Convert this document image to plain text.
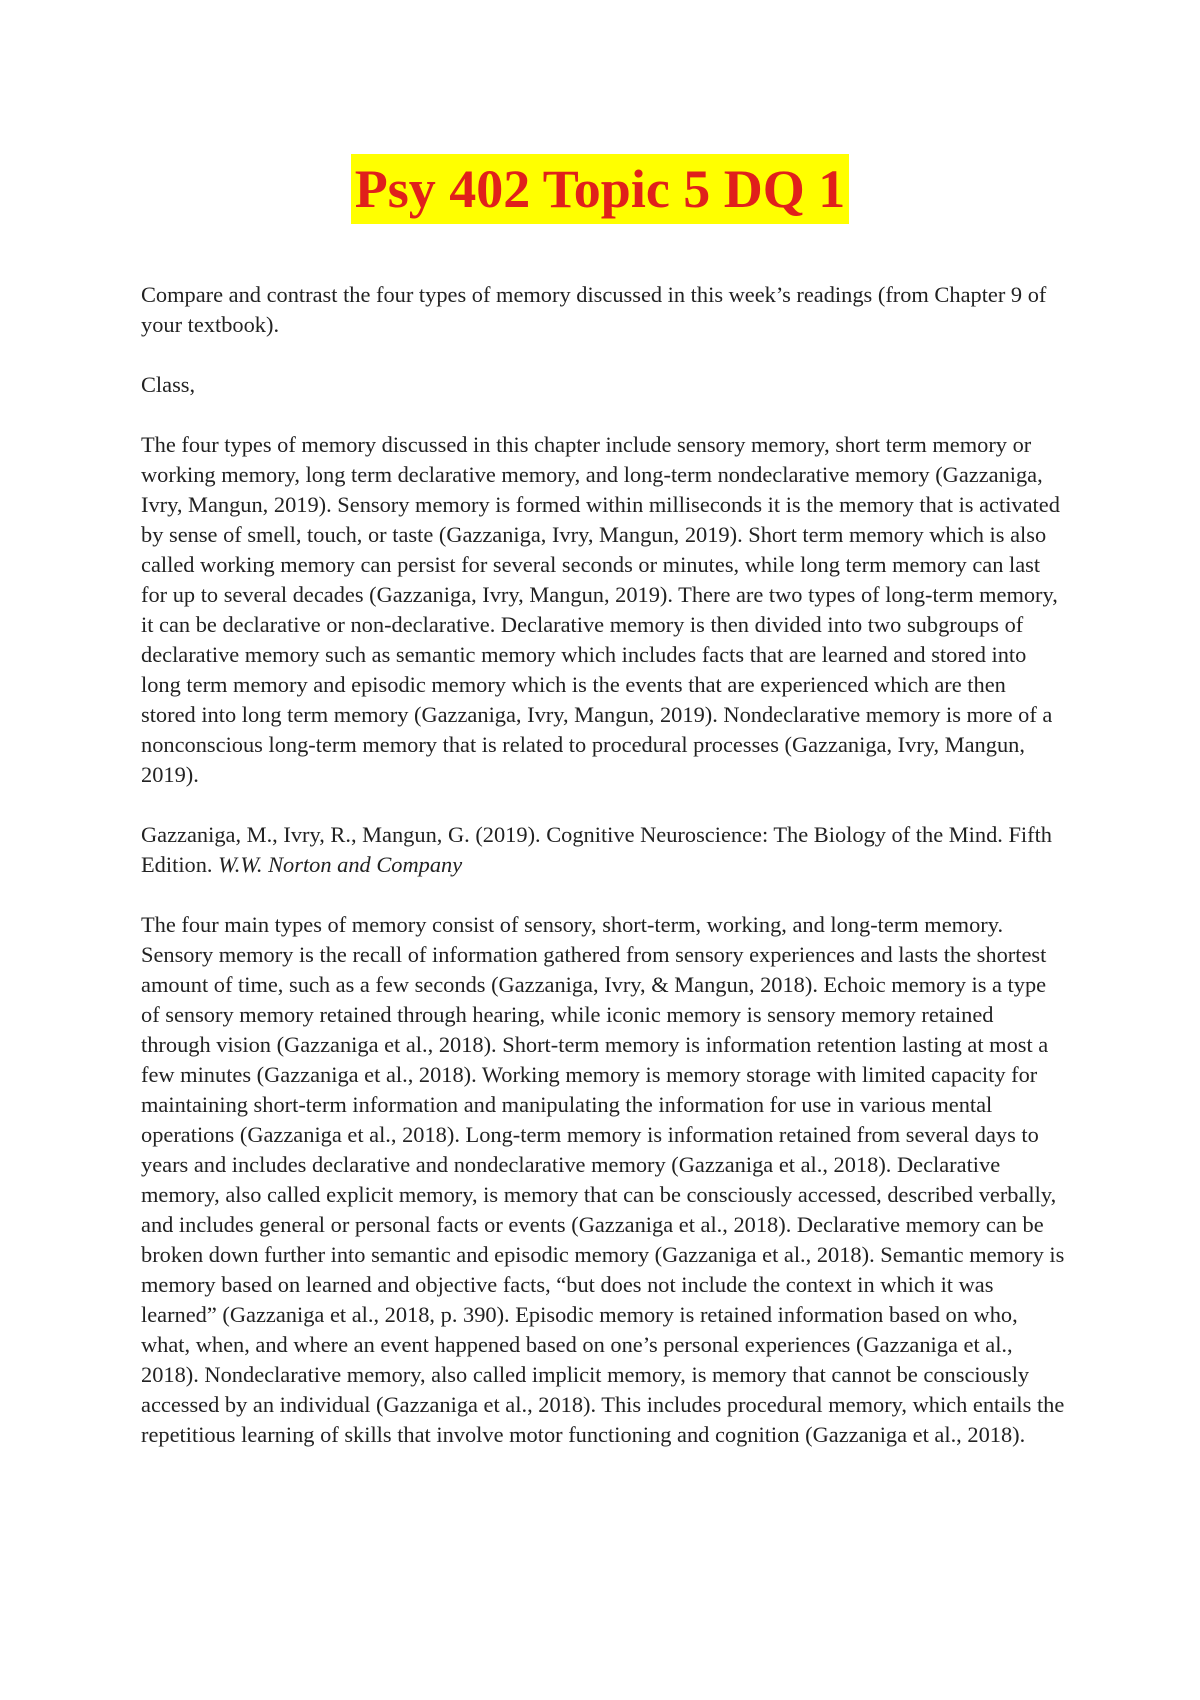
Psy 402 Topic 5 DQ 1

Compare and contrast the four types of memory discussed in this week’s readings (from Chapter 9 of your textbook).

Class,

The four types of memory discussed in this chapter include sensory memory, short term memory or working memory, long term declarative memory, and long-term nondeclarative memory (Gazzaniga, Ivry, Mangun, 2019). Sensory memory is formed within milliseconds it is the memory that is activated by sense of smell, touch, or taste (Gazzaniga, Ivry, Mangun, 2019). Short term memory which is also called working memory can persist for several seconds or minutes, while long term memory can last for up to several decades (Gazzaniga, Ivry, Mangun, 2019). There are two types of long-term memory, it can be declarative or non-declarative. Declarative memory is then divided into two subgroups of declarative memory such as semantic memory which includes facts that are learned and stored into long term memory and episodic memory which is the events that are experienced which are then stored into long term memory (Gazzaniga, Ivry, Mangun, 2019). Nondeclarative memory is more of a nonconscious long-term memory that is related to procedural processes (Gazzaniga, Ivry, Mangun, 2019).

Gazzaniga, M., Ivry, R., Mangun, G. (2019). Cognitive Neuroscience: The Biology of the Mind. Fifth Edition. W.W. Norton and Company

The four main types of memory consist of sensory, short-term, working, and long-term memory. Sensory memory is the recall of information gathered from sensory experiences and lasts the shortest amount of time, such as a few seconds (Gazzaniga, Ivry, & Mangun, 2018). Echoic memory is a type of sensory memory retained through hearing, while iconic memory is sensory memory retained through vision (Gazzaniga et al., 2018). Short-term memory is information retention lasting at most a few minutes (Gazzaniga et al., 2018). Working memory is memory storage with limited capacity for maintaining short-term information and manipulating the information for use in various mental operations (Gazzaniga et al., 2018). Long-term memory is information retained from several days to years and includes declarative and nondeclarative memory (Gazzaniga et al., 2018). Declarative memory, also called explicit memory, is memory that can be consciously accessed, described verbally, and includes general or personal facts or events (Gazzaniga et al., 2018). Declarative memory can be broken down further into semantic and episodic memory (Gazzaniga et al., 2018). Semantic memory is memory based on learned and objective facts, “but does not include the context in which it was learned” (Gazzaniga et al., 2018, p. 390). Episodic memory is retained information based on who, what, when, and where an event happened based on one’s personal experiences (Gazzaniga et al., 2018). Nondeclarative memory, also called implicit memory, is memory that cannot be consciously accessed by an individual (Gazzaniga et al., 2018). This includes procedural memory, which entails the repetitious learning of skills that involve motor functioning and cognition (Gazzaniga et al., 2018).
